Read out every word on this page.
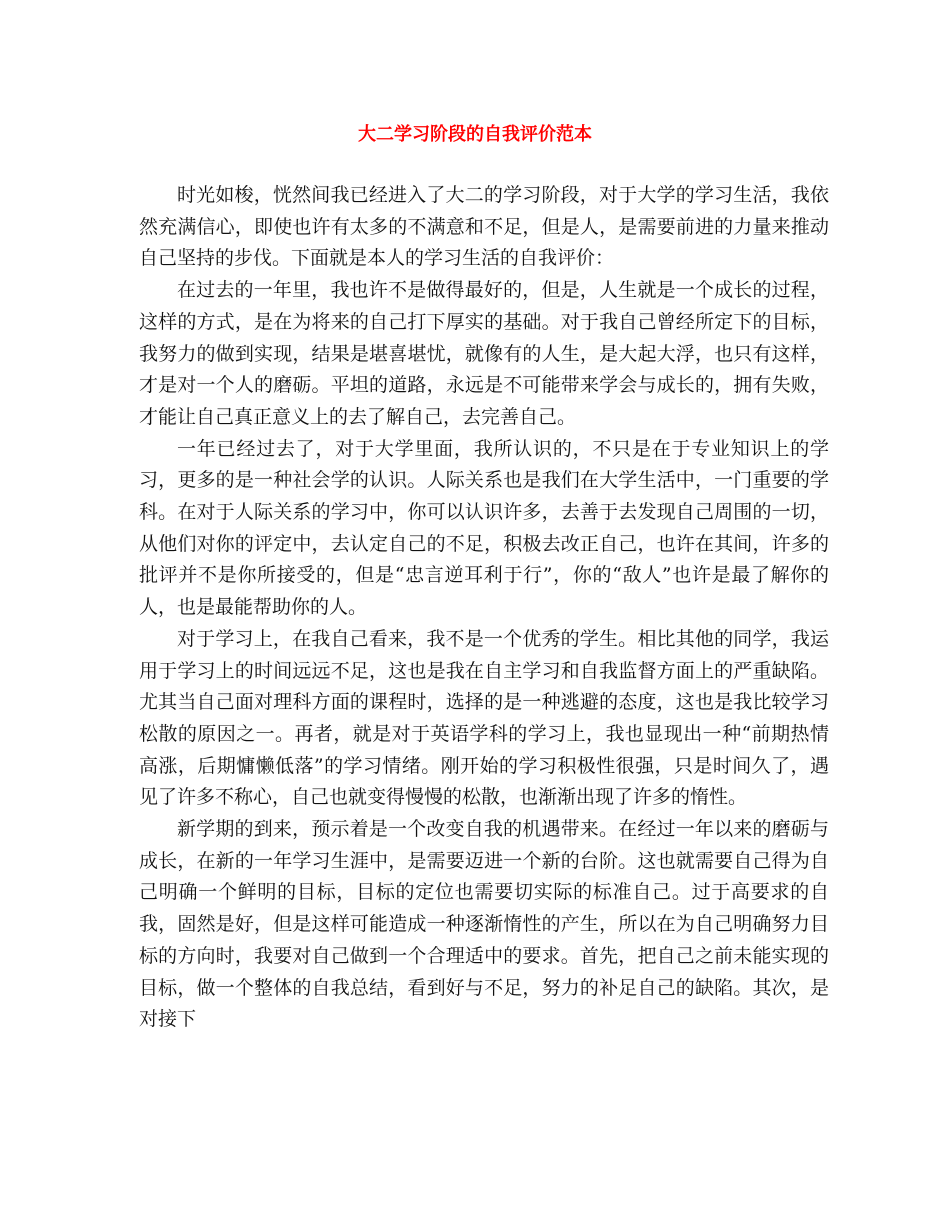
大二学习阶段的自我评价范本

时光如梭，恍然间我已经进入了大二的学习阶段，对于大学的学习生活，我依然充满信心，即使也许有太多的不满意和不足，但是人，是需要前进的力量来推动自己坚持的步伐。下面就是本人的学习生活的自我评价：

在过去的一年里，我也许不是做得最好的，但是，人生就是一个成长的过程，这样的方式，是在为将来的自己打下厚实的基础。对于我自己曾经所定下的目标，我努力的做到实现，结果是堪喜堪忧，就像有的人生，是大起大浮，也只有这样，才是对一个人的磨砺。平坦的道路，永远是不可能带来学会与成长的，拥有失败，才能让自己真正意义上的去了解自己，去完善自己。

一年已经过去了，对于大学里面，我所认识的，不只是在于专业知识上的学习，更多的是一种社会学的认识。人际关系也是我们在大学生活中，一门重要的学科。在对于人际关系的学习中，你可以认识许多，去善于去发现自己周围的一切，从他们对你的评定中，去认定自己的不足，积极去改正自己，也许在其间，许多的批评并不是你所接受的，但是“忠言逆耳利于行”，你的“敌人”也许是最了解你的人，也是最能帮助你的人。

对于学习上，在我自己看来，我不是一个优秀的学生。相比其他的同学，我运用于学习上的时间远远不足，这也是我在自主学习和自我监督方面上的严重缺陷。尤其当自己面对理科方面的课程时，选择的是一种逃避的态度，这也是我比较学习松散的原因之一。再者，就是对于英语学科的学习上，我也显现出一种“前期热情高涨，后期慵懒低落”的学习情绪。刚开始的学习积极性很强，只是时间久了，遇见了许多不称心，自己也就变得慢慢的松散，也渐渐出现了许多的惰性。

新学期的到来，预示着是一个改变自我的机遇带来。在经过一年以来的磨砺与成长，在新的一年学习生涯中，是需要迈进一个新的台阶。这也就需要自己得为自己明确一个鲜明的目标，目标的定位也需要切实际的标准自己。过于高要求的自我，固然是好，但是这样可能造成一种逐渐惰性的产生，所以在为自己明确努力目标的方向时，我要对自己做到一个合理适中的要求。首先，把自己之前未能实现的目标，做一个整体的自我总结，看到好与不足，努力的补足自己的缺陷。其次，是对接下
